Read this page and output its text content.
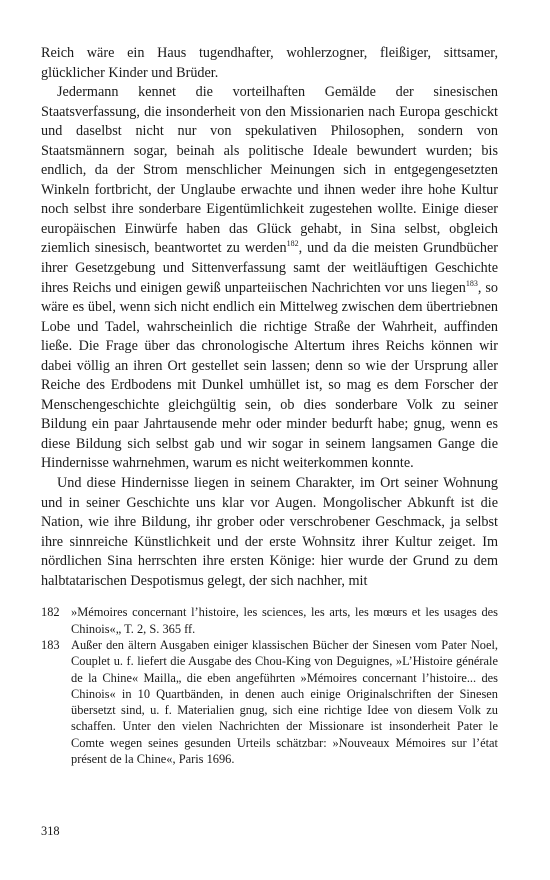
Reich wäre ein Haus tugendhafter, wohlerzogner, fleißiger, sittsamer, glücklicher Kinder und Brüder.

Jedermann kennet die vorteilhaften Gemälde der sinesischen Staatsverfassung, die insonderheit von den Missionarien nach Europa geschickt und daselbst nicht nur von spekulativen Philosophen, sondern von Staatsmännern sogar, beinah als politische Ideale bewundert wurden; bis endlich, da der Strom menschlicher Meinungen sich in entgegengesetzten Winkeln fortbricht, der Unglaube erwachte und ihnen weder ihre hohe Kultur noch selbst ihre sonderbare Eigentümlichkeit zugestehen wollte. Einige dieser europäischen Einwürfe haben das Glück gehabt, in Sina selbst, obgleich ziemlich sinesisch, beantwortet zu werden$^{182}$, und da die meisten Grundbücher ihrer Gesetzgebung und Sittenverfassung samt der weitläuftigen Geschichte ihres Reichs und einigen gewiß unparteiischen Nachrichten vor uns liegen$^{183}$, so wäre es übel, wenn sich nicht endlich ein Mittelweg zwischen dem übertriebnen Lobe und Tadel, wahrscheinlich die richtige Straße der Wahrheit, auffinden ließe. Die Frage über das chronologische Altertum ihres Reichs können wir dabei völlig an ihren Ort gestellet sein lassen; denn so wie der Ursprung aller Reiche des Erdbodens mit Dunkel umhüllet ist, so mag es dem Forscher der Menschengeschichte gleichgültig sein, ob dies sonderbare Volk zu seiner Bildung ein paar Jahrtausende mehr oder minder bedurft habe; gnug, wenn es diese Bildung sich selbst gab und wir sogar in seinem langsamen Gange die Hindernisse wahrnehmen, warum es nicht weiterkommen konnte.

Und diese Hindernisse liegen in seinem Charakter, im Ort seiner Wohnung und in seiner Geschichte uns klar vor Augen. Mongolischer Abkunft ist die Nation, wie ihre Bildung, ihr grober oder verschrobener Geschmack, ja selbst ihre sinnreiche Künstlichkeit und der erste Wohnsitz ihrer Kultur zeiget. Im nördlichen Sina herrschten ihre ersten Könige: hier wurde der Grund zu dem halbtatarischen Despotismus gelegt, der sich nachher, mit

182 »Mémoires concernant l’histoire, les sciences, les arts, les mœurs et les usages des Chinois«„ T. 2, S. 365 ff.
183 Außer den ältern Ausgaben einiger klassischen Bücher der Sinesen vom Pater Noel, Couplet u. f. liefert die Ausgabe des Chou-King von Deguignes, »L’Histoire générale de la Chine« Mailla„ die eben angeführten »Mémoires concernant l’histoire... des Chinois« in 10 Quartbänden, in denen auch einige Originalschriften der Sinesen übersetzt sind, u. f. Materialien gnug, sich eine richtige Idee von diesem Volk zu schaffen. Unter den vielen Nachrichten der Missionare ist insonderheit Pater le Comte wegen seines gesunden Urteils schätzbar: »Nouveaux Mémoires sur l’état présent de la Chine«, Paris 1696.
318
